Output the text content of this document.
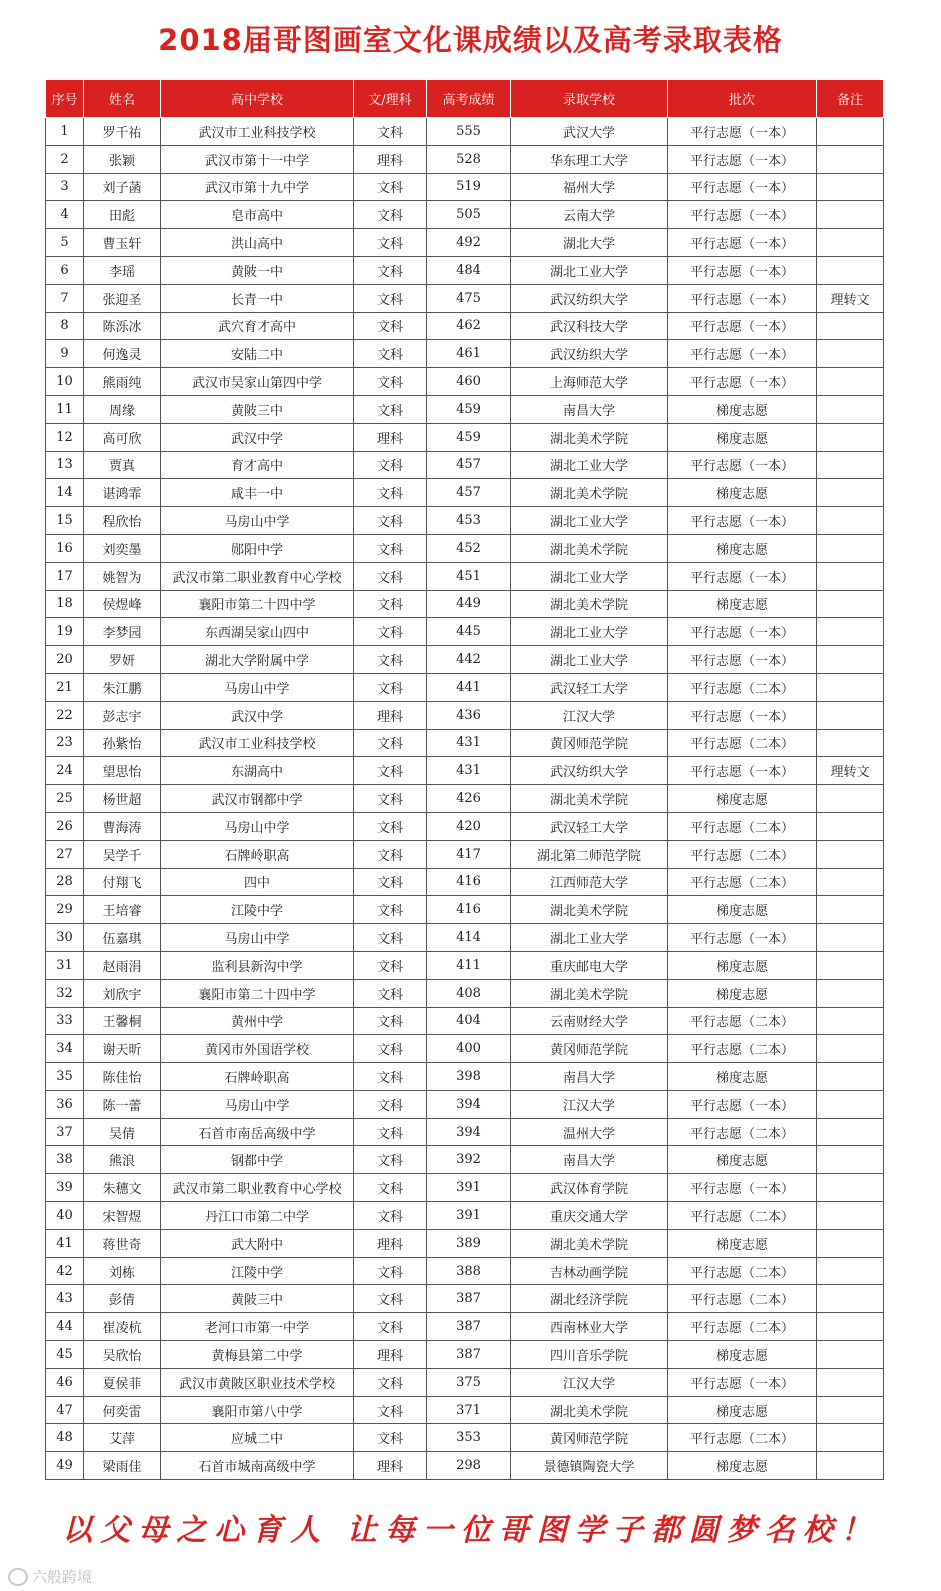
2018届哥图画室文化课成绩以及高考录取表格
序号	姓名	高中学校	文/理科	高考成绩	录取学校	批次	备注
1	罗千祐	武汉市工业科技学校	文科	555	武汉大学	平行志愿（一本）	
2	张颖	武汉市第十一中学	理科	528	华东理工大学	平行志愿（一本）	
3	刘子菡	武汉市第十九中学	文科	519	福州大学	平行志愿（一本）	
4	田彪	皂市高中	文科	505	云南大学	平行志愿（一本）	
5	曹玉轩	洪山高中	文科	492	湖北大学	平行志愿（一本）	
6	李瑶	黄陂一中	文科	484	湖北工业大学	平行志愿（一本）	
7	张迎圣	长青一中	文科	475	武汉纺织大学	平行志愿（一本）	理转文
8	陈泺冰	武穴育才高中	文科	462	武汉科技大学	平行志愿（一本）	
9	何逸灵	安陆二中	文科	461	武汉纺织大学	平行志愿（一本）	
10	熊雨纯	武汉市吴家山第四中学	文科	460	上海师范大学	平行志愿（一本）	
11	周缘	黄陂三中	文科	459	南昌大学	梯度志愿	
12	高可欣	武汉中学	理科	459	湖北美术学院	梯度志愿	
13	贾真	育才高中	文科	457	湖北工业大学	平行志愿（一本）	
14	谌鸿霏	咸丰一中	文科	457	湖北美术学院	梯度志愿	
15	程欣怡	马房山中学	文科	453	湖北工业大学	平行志愿（一本）	
16	刘奕墨	郧阳中学	文科	452	湖北美术学院	梯度志愿	
17	姚智为	武汉市第二职业教育中心学校	文科	451	湖北工业大学	平行志愿（一本）	
18	侯煜峰	襄阳市第二十四中学	文科	449	湖北美术学院	梯度志愿	
19	李梦园	东西湖吴家山四中	文科	445	湖北工业大学	平行志愿（一本）	
20	罗妍	湖北大学附属中学	文科	442	湖北工业大学	平行志愿（一本）	
21	朱江鹏	马房山中学	文科	441	武汉轻工大学	平行志愿（二本）	
22	彭志宇	武汉中学	理科	436	江汉大学	平行志愿（一本）	
23	孙紫怡	武汉市工业科技学校	文科	431	黄冈师范学院	平行志愿（二本）	
24	望思怡	东湖高中	文科	431	武汉纺织大学	平行志愿（一本）	理转文
25	杨世超	武汉市钢都中学	文科	426	湖北美术学院	梯度志愿	
26	曹海涛	马房山中学	文科	420	武汉轻工大学	平行志愿（二本）	
27	吴学千	石牌岭职高	文科	417	湖北第二师范学院	平行志愿（二本）	
28	付翔飞	四中	文科	416	江西师范大学	平行志愿（二本）	
29	王培睿	江陵中学	文科	416	湖北美术学院	梯度志愿	
30	伍嘉琪	马房山中学	文科	414	湖北工业大学	平行志愿（一本）	
31	赵雨涓	监利县新沟中学	文科	411	重庆邮电大学	梯度志愿	
32	刘欣宇	襄阳市第二十四中学	文科	408	湖北美术学院	梯度志愿	
33	王馨桐	黄州中学	文科	404	云南财经大学	平行志愿（二本）	
34	谢天昕	黄冈市外国语学校	文科	400	黄冈师范学院	平行志愿（二本）	
35	陈佳怡	石牌岭职高	文科	398	南昌大学	梯度志愿	
36	陈一蕾	马房山中学	文科	394	江汉大学	平行志愿（一本）	
37	吴倩	石首市南岳高级中学	文科	394	温州大学	平行志愿（二本）	
38	熊浪	钢都中学	文科	392	南昌大学	梯度志愿	
39	朱穗文	武汉市第二职业教育中心学校	文科	391	武汉体育学院	平行志愿（一本）	
40	宋智煜	丹江口市第二中学	文科	391	重庆交通大学	平行志愿（二本）	
41	蒋世奇	武大附中	理科	389	湖北美术学院	梯度志愿	
42	刘栋	江陵中学	文科	388	吉林动画学院	平行志愿（二本）	
43	彭倩	黄陂三中	文科	387	湖北经济学院	平行志愿（二本）	
44	崔凌杭	老河口市第一中学	文科	387	西南林业大学	平行志愿（二本）	
45	吴欣怡	黄梅县第二中学	理科	387	四川音乐学院	梯度志愿	
46	夏侯菲	武汉市黄陂区职业技术学校	文科	375	江汉大学	平行志愿（一本）	
47	何奕雷	襄阳市第八中学	文科	371	湖北美术学院	梯度志愿	
48	艾萍	应城二中	文科	353	黄冈师范学院	平行志愿（二本）	
49	梁雨佳	石首市城南高级中学	理科	298	景德镇陶瓷大学	梯度志愿	
以父母之心育人 让每一位哥图学子都圆梦名校！
六般跨境
